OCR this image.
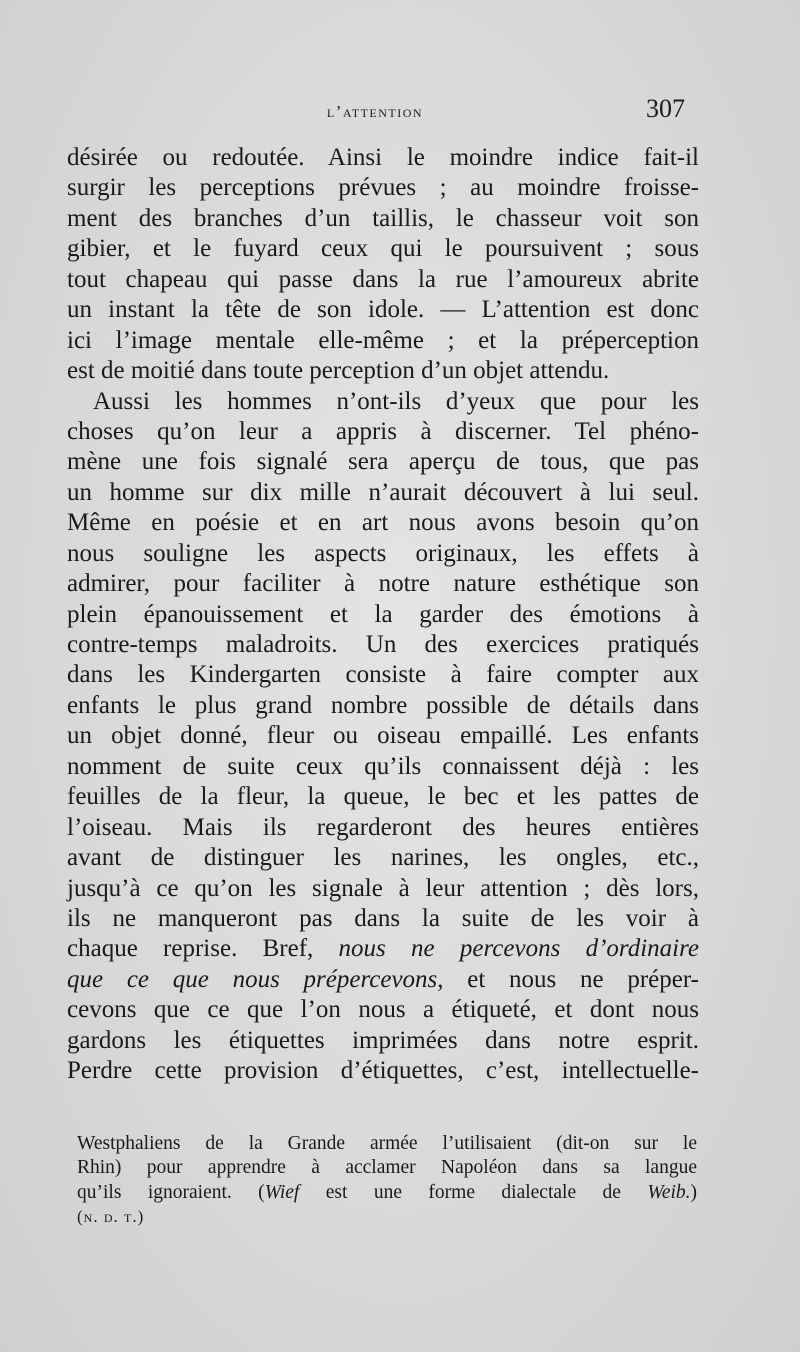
l’attention	307
désirée ou redoutée. Ainsi le moindre indice fait-il
surgir les perceptions prévues ; au moindre froisse-
ment des branches d’un taillis, le chasseur voit son
gibier, et le fuyard ceux qui le poursuivent ; sous
tout chapeau qui passe dans la rue l’amoureux abrite
un instant la tête de son idole. — L’attention est donc
ici l’image mentale elle-même ; et la préperception
est de moitié dans toute perception d’un objet attendu.
Aussi les hommes n’ont-ils d’yeux que pour les
choses qu’on leur a appris à discerner. Tel phéno-
mène une fois signalé sera aperçu de tous, que pas
un homme sur dix mille n’aurait découvert à lui seul.
Même en poésie et en art nous avons besoin qu’on
nous souligne les aspects originaux, les effets à
admirer, pour faciliter à notre nature esthétique son
plein épanouissement et la garder des émotions à
contre-temps maladroits. Un des exercices pratiqués
dans les Kindergarten consiste à faire compter aux
enfants le plus grand nombre possible de détails dans
un objet donné, fleur ou oiseau empaillé. Les enfants
nomment de suite ceux qu’ils connaissent déjà : les
feuilles de la fleur, la queue, le bec et les pattes de
l’oiseau. Mais ils regarderont des heures entières
avant de distinguer les narines, les ongles, etc.,
jusqu’à ce qu’on les signale à leur attention ; dès lors,
ils ne manqueront pas dans la suite de les voir à
chaque reprise. Bref, nous ne percevons d’ordinaire
que ce que nous prépercevons, et nous ne préper-
cevons que ce que l’on nous a étiqueté, et dont nous
gardons les étiquettes imprimées dans notre esprit.
Perdre cette provision d’étiquettes, c’est, intellectuelle-
Westphaliens de la Grande armée l’utilisaient (dit-on sur le
Rhin) pour apprendre à acclamer Napoléon dans sa langue
qu’ils ignoraient. (Wief est une forme dialectale de Weib.)
(n. d. t.)
